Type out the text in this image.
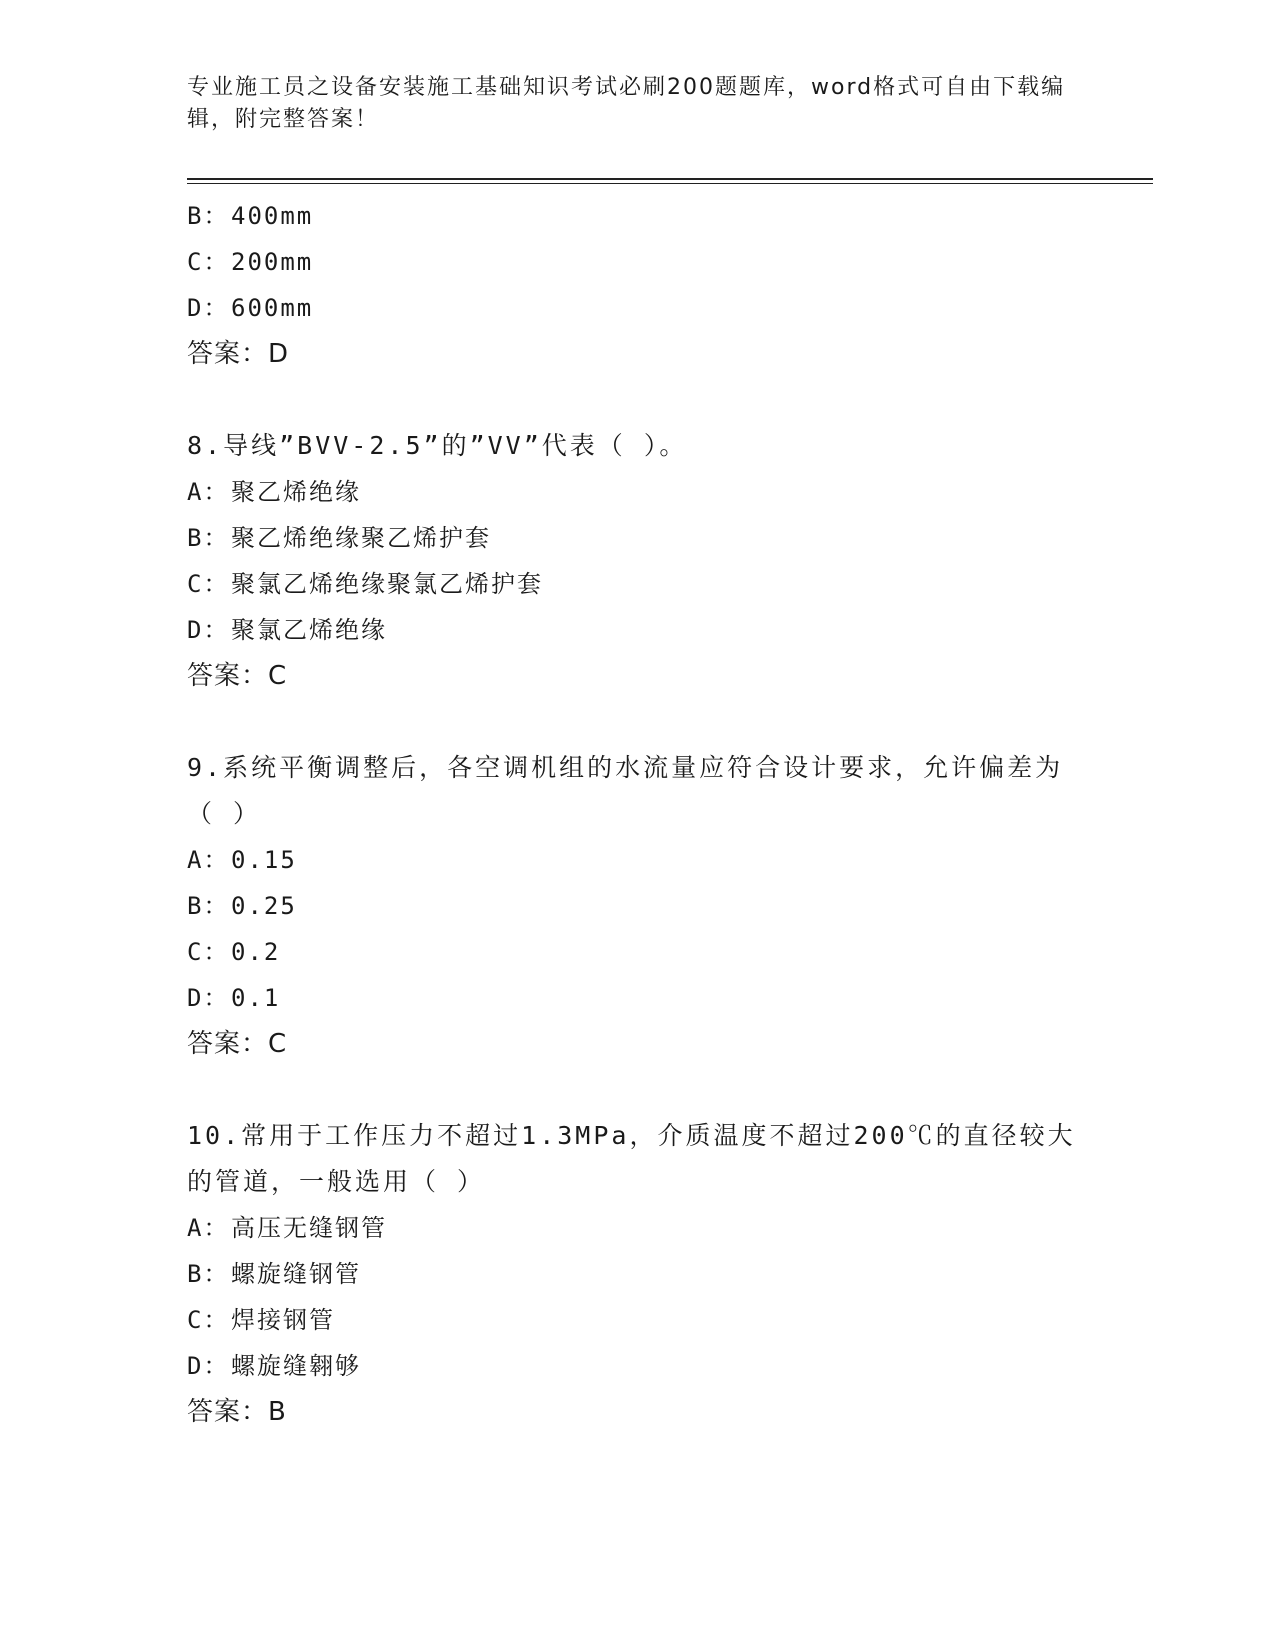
专业施工员之设备安装施工基础知识考试必刷200题题库，word格式可自由下载编辑，附完整答案！
B： 400mm
C： 200mm
D： 600mm
答案：D
8.导线”BVV-2.5”的”VV”代表（ ）。
A： 聚乙烯绝缘
B： 聚乙烯绝缘聚乙烯护套
C： 聚氯乙烯绝缘聚氯乙烯护套
D： 聚氯乙烯绝缘
答案：C
9.系统平衡调整后，各空调机组的水流量应符合设计要求，允许偏差为（ ）
A： 0.15
B： 0.25
C： 0.2
D： 0.1
答案：C
10.常用于工作压力不超过1.3MPa，介质温度不超过200℃的直径较大的管道，一般选用（ ）
A： 高压无缝钢管
B： 螺旋缝钢管
C： 焊接钢管
D： 螺旋缝翱够
答案：B
